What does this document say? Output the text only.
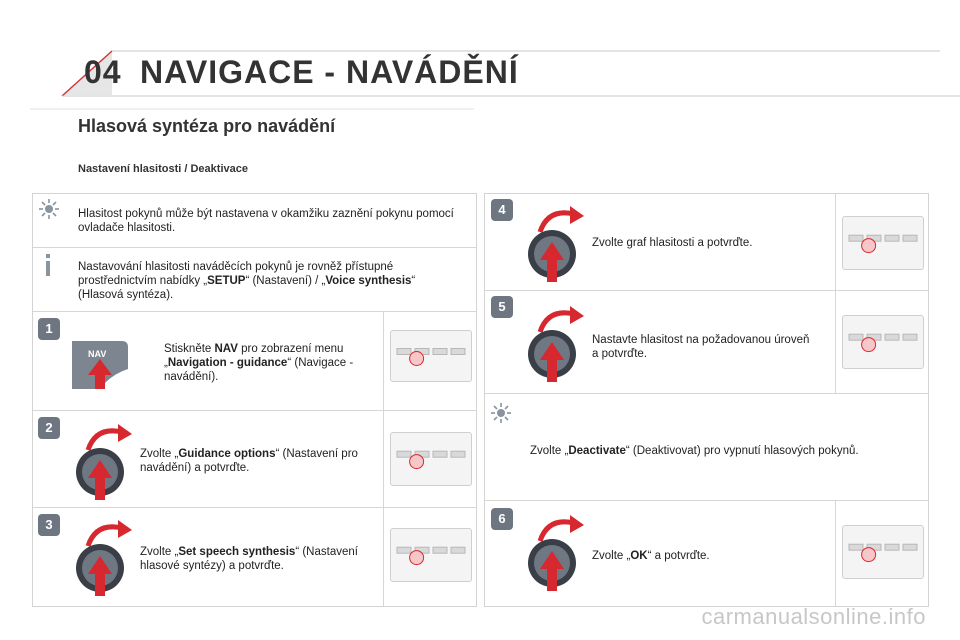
04 NAVIGACE - NAVÁDĚNÍ
Hlasová syntéza pro navádění
Nastavení hlasitosti / Deaktivace
Hlasitost pokynů může být nastavena v okamžiku zaznění pokynu pomocí ovladače hlasitosti.
Nastavování hlasitosti naváděcích pokynů je rovněž přístupné prostřednictvím nabídky „SETUP“ (Nastavení) / „Voice synthesis“ (Hlasová syntéza).
1
NAV	Stiskněte NAV pro zobrazení menu „Navigation - guidance“ (Navigace - navádění).
2
Zvolte „Guidance options“ (Nastavení pro navádění) a potvrďte.
3
Zvolte „Set speech synthesis“ (Nastavení hlasové syntézy) a potvrďte.
4
Zvolte graf hlasitosti a potvrďte.
5
Nastavte hlasitost na požadovanou úroveň a potvrďte.
Zvolte „Deactivate“ (Deaktivovat) pro vypnutí hlasových pokynů.
6
Zvolte „OK“ a potvrďte.
carmanualsonline.info
